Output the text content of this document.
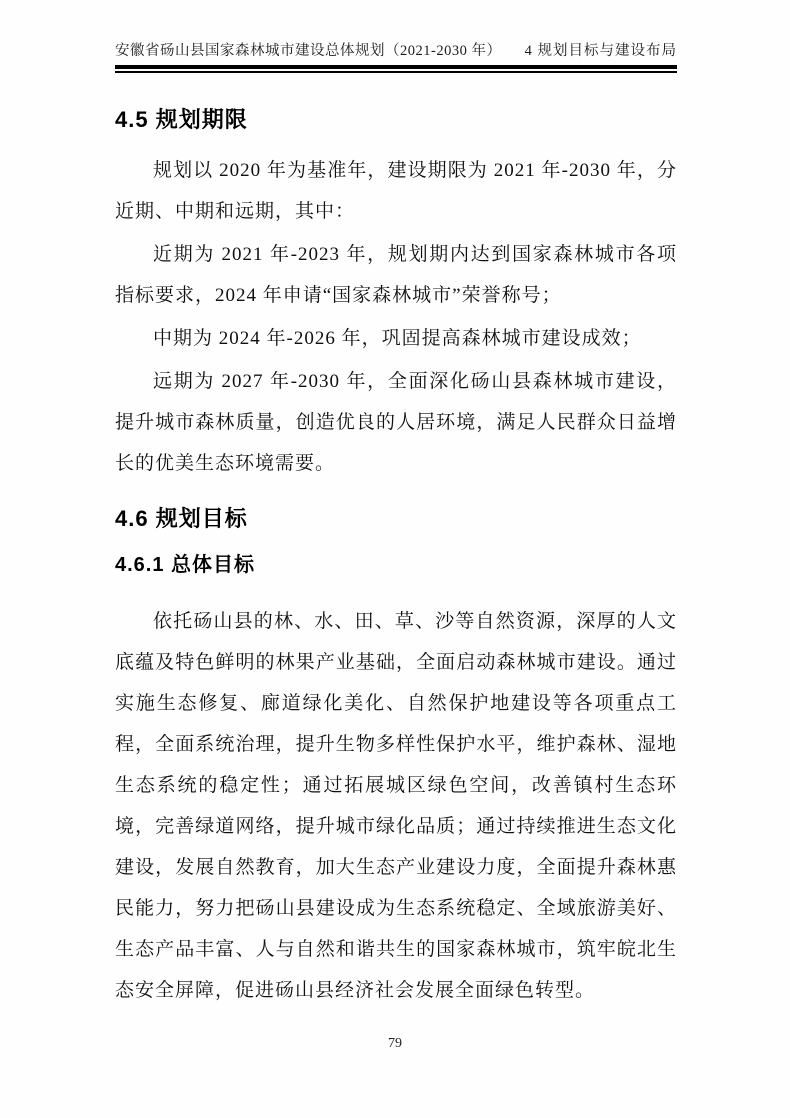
安徽省砀山县国家森林城市建设总体规划（2021-2030 年） 4 规划目标与建设布局
4.5 规划期限

规划以 2020 年为基准年，建设期限为 2021 年-2030 年，分近期、中期和远期，其中：

近期为 2021 年-2023 年，规划期内达到国家森林城市各项指标要求，2024 年申请“国家森林城市”荣誉称号；

中期为 2024 年-2026 年，巩固提高森林城市建设成效；

远期为 2027 年-2030 年，全面深化砀山县森林城市建设，提升城市森林质量，创造优良的人居环境，满足人民群众日益增长的优美生态环境需要。

4.6 规划目标
4.6.1 总体目标

依托砀山县的林、水、田、草、沙等自然资源，深厚的人文底蕴及特色鲜明的林果产业基础，全面启动森林城市建设。通过实施生态修复、廊道绿化美化、自然保护地建设等各项重点工程，全面系统治理，提升生物多样性保护水平，维护森林、湿地生态系统的稳定性；通过拓展城区绿色空间，改善镇村生态环境，完善绿道网络，提升城市绿化品质；通过持续推进生态文化建设，发展自然教育，加大生态产业建设力度，全面提升森林惠民能力，努力把砀山县建设成为生态系统稳定、全域旅游美好、生态产品丰富、人与自然和谐共生的国家森林城市，筑牢皖北生态安全屏障，促进砀山县经济社会发展全面绿色转型。

79
